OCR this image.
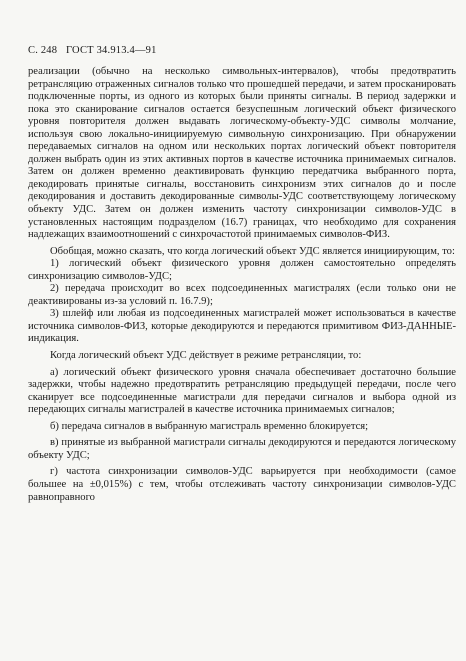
С. 248 ГОСТ 34.913.4—91

реализации (обычно на несколько символьных-интервалов), чтобы предотвратить ретрансляцию отраженных сигналов только что прошедшей передачи, и затем просканировать подключенные порты, из одного из которых были приняты сигналы. В период задержки и пока это сканирование сигналов остается безуспешным логический объект физического уровня повторителя должен выдавать логическому-объекту-УДС символы молчание, используя свою локально-инициируемую символьную синхронизацию. При обнаружении передаваемых сигналов на одном или нескольких портах логический объект повторителя должен выбрать один из этих активных портов в качестве источника принимаемых сигналов. Затем он должен временно деактивировать функцию передатчика выбранного порта, декодировать принятые сигналы, восстановить синхронизм этих сигналов до и после декодирования и доставить декодированные символы-УДС соответствующему логическому объекту УДС. Затем он должен изменить частоту синхронизации символов-УДС в установленных настоящим подразделом (16.7) границах, что необходимо для сохранения надлежащих взаимоотношений с синхрочастотой принимаемых символов-ФИЗ.

Обобщая, можно сказать, что когда логический объект УДС является инициирующим, то:

1) логический объект физического уровня должен самостоятельно определять синхронизацию символов-УДС;

2) передача происходит во всех подсоединенных магистралях (если только они не деактивированы из-за условий п. 16.7.9);

3) шлейф или любая из подсоединенных магистралей может использоваться в качестве источника символов-ФИЗ, которые декодируются и передаются примитивом ФИЗ-ДАННЫЕ-индикация.

Когда логический объект УДС действует в режиме ретрансляции, то:

а) логический объект физического уровня сначала обеспечивает достаточно большие задержки, чтобы надежно предотвратить ретрансляцию предыдущей передачи, после чего сканирует все подсоединенные магистрали для передачи сигналов и выбора одной из передающих сигналы магистралей в качестве источника принимаемых сигналов;

б) передача сигналов в выбранную магистраль временно блокируется;

в) принятые из выбранной магистрали сигналы декодируются и передаются логическому объекту УДС;

г) частота синхронизации символов-УДС варьируется при необходимости (самое большее на ±0,015%) с тем, чтобы отслеживать частоту синхронизации символов-УДС равноправного
